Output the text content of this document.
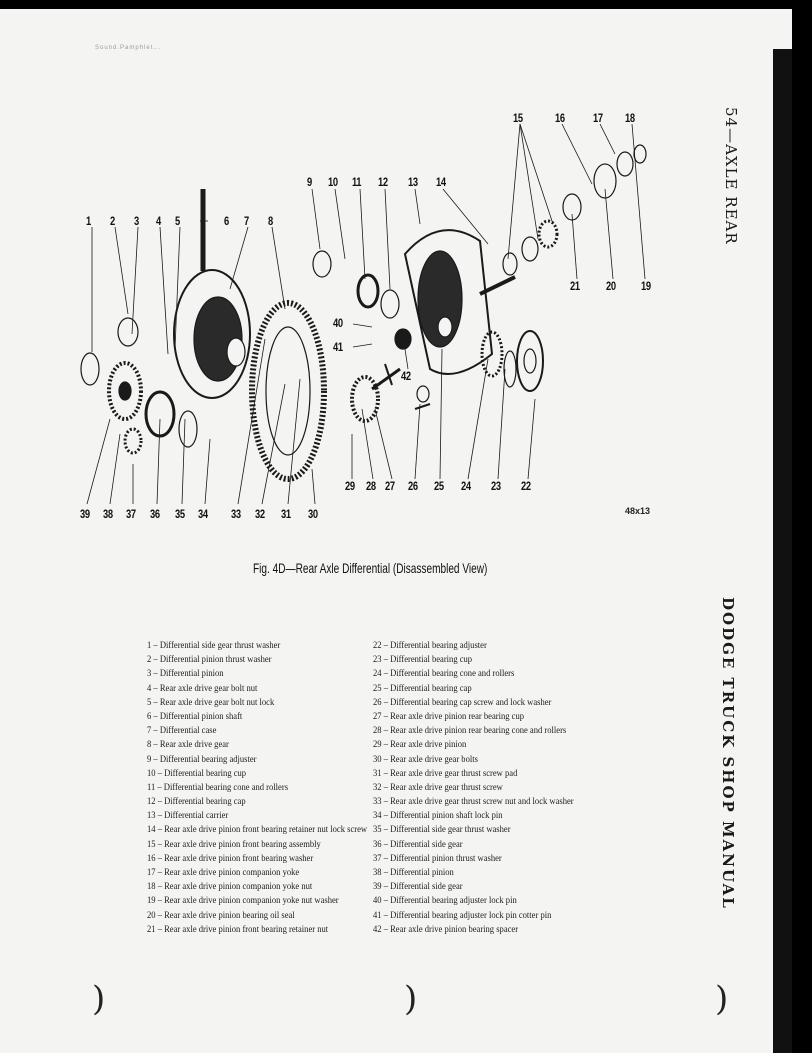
Sound.Pamphlet...
54—AXLE REAR
DODGE TRUCK SHOP MANUAL
1 2 3 4 5	6 7 8
9 10 11 12 13 14
15	16 17 18
19
20
21
22
23
24
25
26
27
28
29
30
31
32
33
34
35
36
37
38
39
40
41
42
48x13
Fig. 4D—Rear Axle Differential (Disassembled View)
1 – Differential side gear thrust washer
2 – Differential pinion thrust washer
3 – Differential pinion
4 – Rear axle drive gear bolt nut
5 – Rear axle drive gear bolt nut lock
6 – Differential pinion shaft
7 – Differential case
8 – Rear axle drive gear
9 – Differential bearing adjuster
10 – Differential bearing cup
11 – Differential bearing cone and rollers
12 – Differential bearing cap
13 – Differential carrier
14 – Rear axle drive pinion front bearing retainer nut lock screw
15 – Rear axle drive pinion front bearing assembly
16 – Rear axle drive pinion front bearing washer
17 – Rear axle drive pinion companion yoke
18 – Rear axle drive pinion companion yoke nut
19 – Rear axle drive pinion companion yoke nut washer
20 – Rear axle drive pinion bearing oil seal
21 – Rear axle drive pinion front bearing retainer nut
22 – Differential bearing adjuster
23 – Differential bearing cup
24 – Differential bearing cone and rollers
25 – Differential bearing cap
26 – Differential bearing cap screw and lock washer
27 – Rear axle drive pinion rear bearing cup
28 – Rear axle drive pinion rear bearing cone and rollers
29 – Rear axle drive pinion
30 – Rear axle drive gear bolts
31 – Rear axle drive gear thrust screw pad
32 – Rear axle drive gear thrust screw
33 – Rear axle drive gear thrust screw nut and lock washer
34 – Differential pinion shaft lock pin
35 – Differential side gear thrust washer
36 – Differential side gear
37 – Differential pinion thrust washer
38 – Differential pinion
39 – Differential side gear
40 – Differential bearing adjuster lock pin
41 – Differential bearing adjuster lock pin cotter pin
42 – Rear axle drive pinion bearing spacer
)	)	)
